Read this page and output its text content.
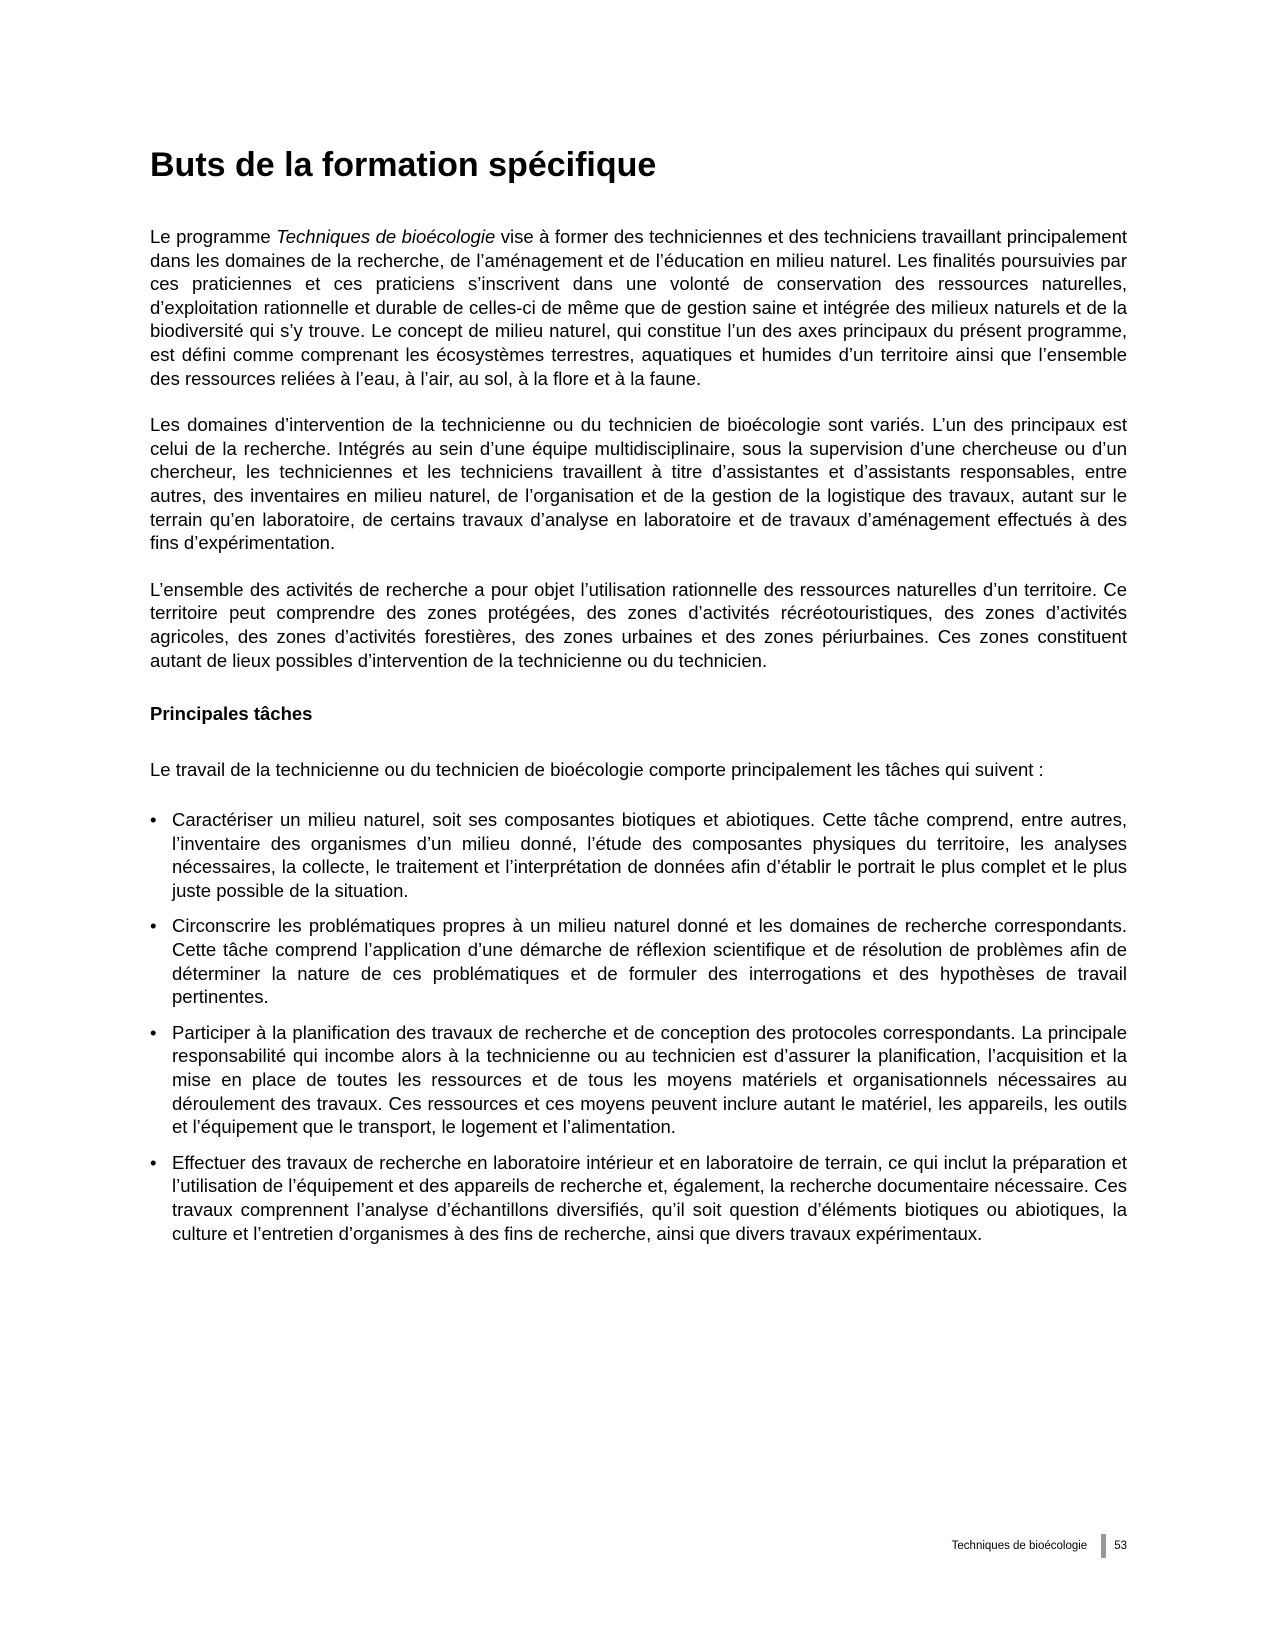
Buts de la formation spécifique

Le programme Techniques de bioécologie vise à former des techniciennes et des techniciens travaillant principalement dans les domaines de la recherche, de l’aménagement et de l’éducation en milieu naturel. Les finalités poursuivies par ces praticiennes et ces praticiens s’inscrivent dans une volonté de conservation des ressources naturelles, d’exploitation rationnelle et durable de celles-ci de même que de gestion saine et intégrée des milieux naturels et de la biodiversité qui s’y trouve. Le concept de milieu naturel, qui constitue l’un des axes principaux du présent programme, est défini comme comprenant les écosystèmes terrestres, aquatiques et humides d’un territoire ainsi que l’ensemble des ressources reliées à l’eau, à l’air, au sol, à la flore et à la faune.

Les domaines d’intervention de la technicienne ou du technicien de bioécologie sont variés. L’un des principaux est celui de la recherche. Intégrés au sein d’une équipe multidisciplinaire, sous la supervision d’une chercheuse ou d’un chercheur, les techniciennes et les techniciens travaillent à titre d’assistantes et d’assistants responsables, entre autres, des inventaires en milieu naturel, de l’organisation et de la gestion de la logistique des travaux, autant sur le terrain qu’en laboratoire, de certains travaux d’analyse en laboratoire et de travaux d’aménagement effectués à des fins d’expérimentation.

L’ensemble des activités de recherche a pour objet l’utilisation rationnelle des ressources naturelles d’un territoire. Ce territoire peut comprendre des zones protégées, des zones d’activités récréotouristiques, des zones d’activités agricoles, des zones d’activités forestières, des zones urbaines et des zones périurbaines. Ces zones constituent autant de lieux possibles d’intervention de la technicienne ou du technicien.

Principales tâches

Le travail de la technicienne ou du technicien de bioécologie comporte principalement les tâches qui suivent :

• Caractériser un milieu naturel, soit ses composantes biotiques et abiotiques. Cette tâche comprend, entre autres, l’inventaire des organismes d’un milieu donné, l’étude des composantes physiques du territoire, les analyses nécessaires, la collecte, le traitement et l’interprétation de données afin d’établir le portrait le plus complet et le plus juste possible de la situation.
• Circonscrire les problématiques propres à un milieu naturel donné et les domaines de recherche correspondants. Cette tâche comprend l’application d’une démarche de réflexion scientifique et de résolution de problèmes afin de déterminer la nature de ces problématiques et de formuler des interrogations et des hypothèses de travail pertinentes.
• Participer à la planification des travaux de recherche et de conception des protocoles correspondants. La principale responsabilité qui incombe alors à la technicienne ou au technicien est d’assurer la planification, l’acquisition et la mise en place de toutes les ressources et de tous les moyens matériels et organisationnels nécessaires au déroulement des travaux. Ces ressources et ces moyens peuvent inclure autant le matériel, les appareils, les outils et l’équipement que le transport, le logement et l’alimentation.
• Effectuer des travaux de recherche en laboratoire intérieur et en laboratoire de terrain, ce qui inclut la préparation et l’utilisation de l’équipement et des appareils de recherche et, également, la recherche documentaire nécessaire. Ces travaux comprennent l’analyse d’échantillons diversifiés, qu’il soit question d’éléments biotiques ou abiotiques, la culture et l’entretien d’organismes à des fins de recherche, ainsi que divers travaux expérimentaux.
Techniques de bioécologie 53
